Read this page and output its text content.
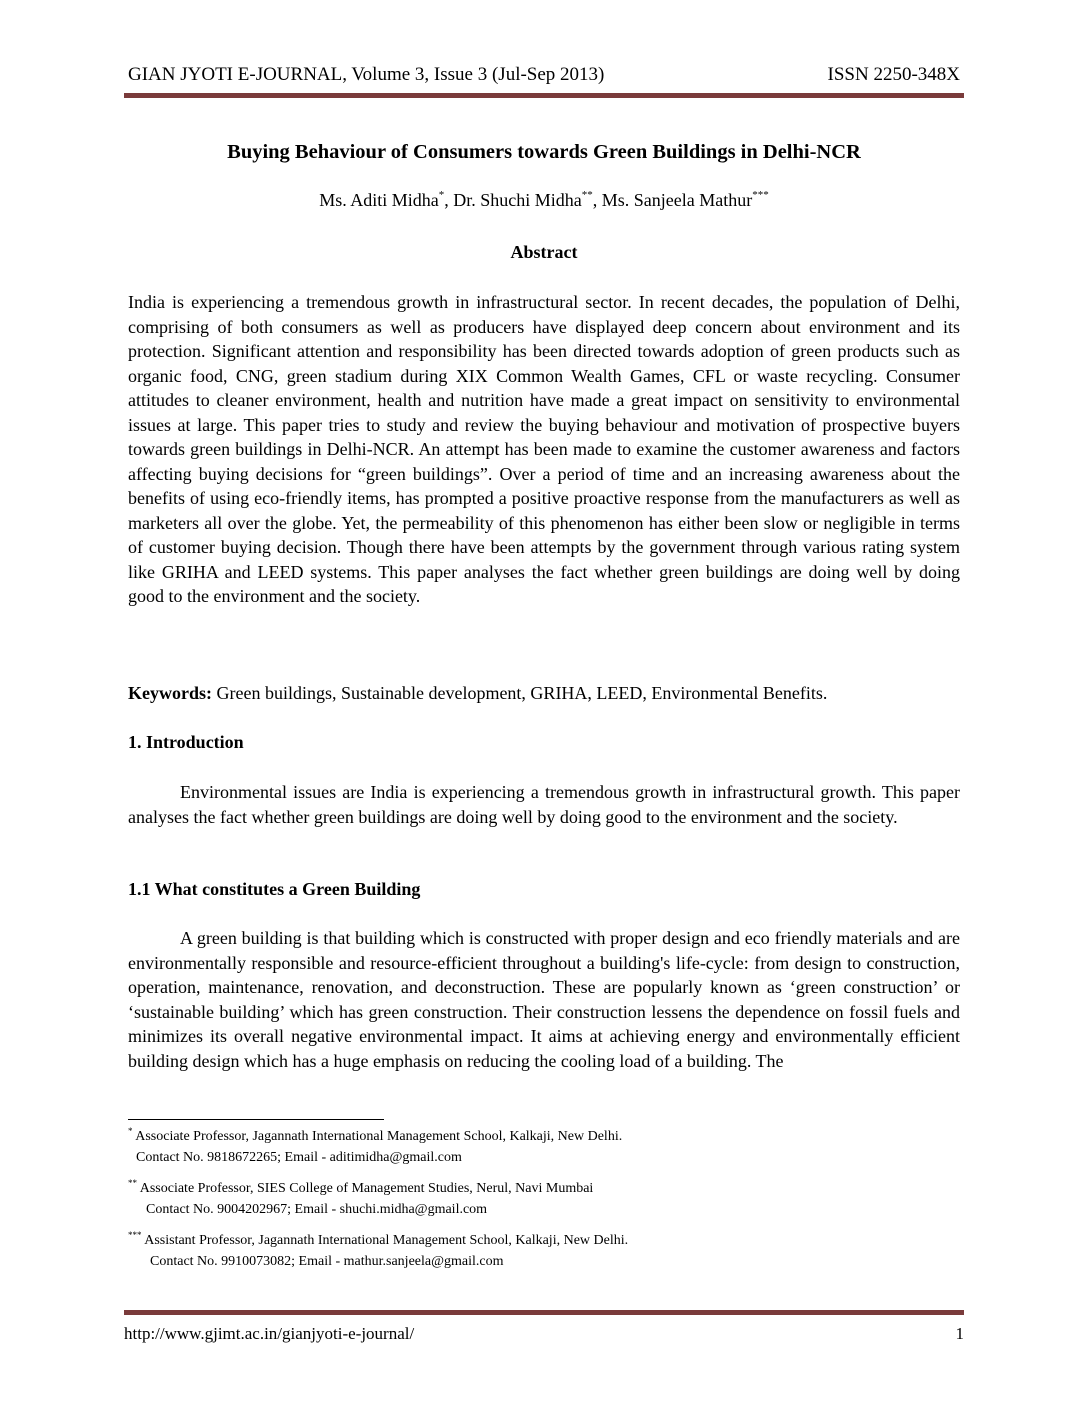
GIAN JYOTI E-JOURNAL, Volume 3, Issue 3 (Jul-Sep 2013)	ISSN 2250-348X
Buying Behaviour of Consumers towards Green Buildings in Delhi-NCR
Ms. Aditi Midha*, Dr. Shuchi Midha**, Ms. Sanjeela Mathur***
Abstract
India is experiencing a tremendous growth in infrastructural sector. In recent decades, the population of Delhi, comprising of both consumers as well as producers have displayed deep concern about environment and its protection. Significant attention and responsibility has been directed towards adoption of green products such as organic food, CNG, green stadium during XIX Common Wealth Games, CFL or waste recycling. Consumer attitudes to cleaner environment, health and nutrition have made a great impact on sensitivity to environmental issues at large. This paper tries to study and review the buying behaviour and motivation of prospective buyers towards green buildings in Delhi-NCR. An attempt has been made to examine the customer awareness and factors affecting buying decisions for “green buildings”. Over a period of time and an increasing awareness about the benefits of using eco-friendly items, has prompted a positive proactive response from the manufacturers as well as marketers all over the globe. Yet, the permeability of this phenomenon has either been slow or negligible in terms of customer buying decision. Though there have been attempts by the government through various rating system like GRIHA and LEED systems. This paper analyses the fact whether green buildings are doing well by doing good to the environment and the society.
Keywords: Green buildings, Sustainable development, GRIHA, LEED, Environmental Benefits.
1. Introduction
Environmental issues are India is experiencing a tremendous growth in infrastructural growth. This paper analyses the fact whether green buildings are doing well by doing good to the environment and the society.
1.1 What constitutes a Green Building
A green building is that building which is constructed with proper design and eco friendly materials and are environmentally responsible and resource-efficient throughout a building's life-cycle: from design to construction, operation, maintenance, renovation, and deconstruction. These are popularly known as ‘green construction’ or ‘sustainable building’ which has green construction. Their construction lessens the dependence on fossil fuels and minimizes its overall negative environmental impact. It aims at achieving energy and environmentally efficient building design which has a huge emphasis on reducing the cooling load of a building. The
* Associate Professor, Jagannath International Management School, Kalkaji, New Delhi.
Contact No. 9818672265; Email - aditimidha@gmail.com
** Associate Professor, SIES College of Management Studies, Nerul, Navi Mumbai
Contact No. 9004202967; Email - shuchi.midha@gmail.com
*** Assistant Professor, Jagannath International Management School, Kalkaji, New Delhi.
Contact No. 9910073082; Email - mathur.sanjeela@gmail.com
http://www.gjimt.ac.in/gianjyoti-e-journal/	1
